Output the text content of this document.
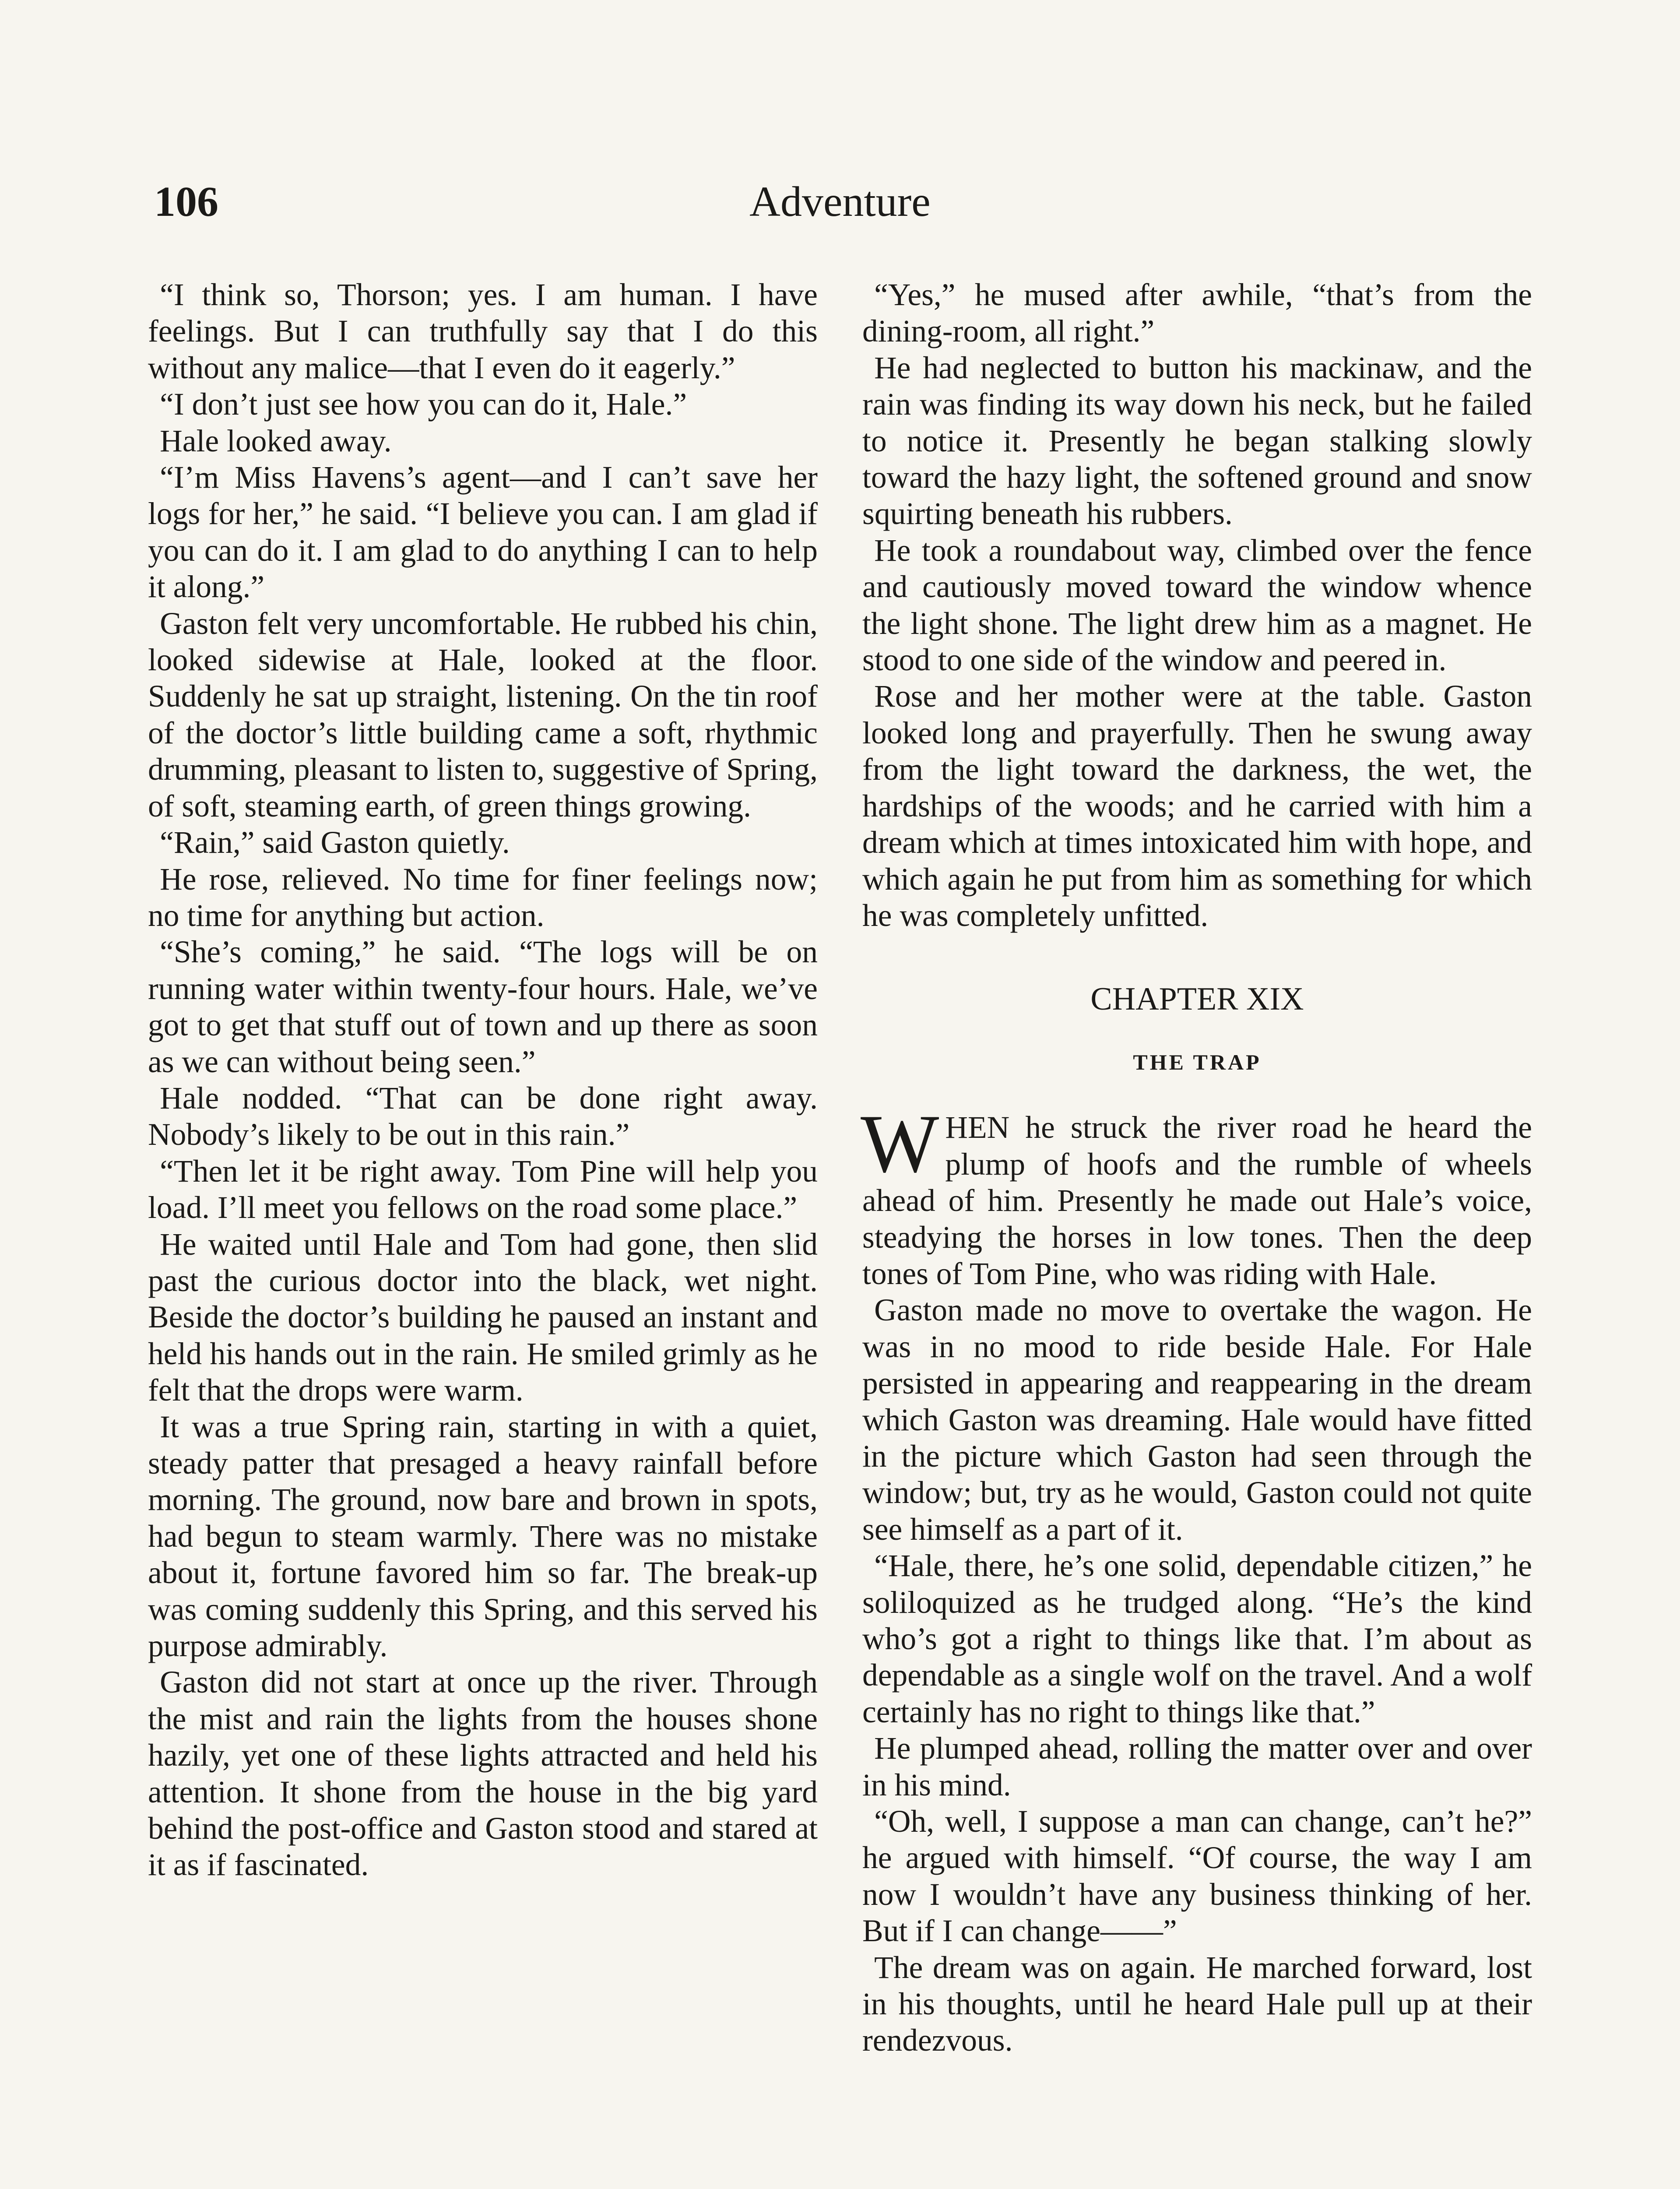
106	Adventure

“I think so, Thorson; yes. I am human. I have feelings. But I can truthfully say that I do this without any malice—that I even do it eagerly.”

“I don’t just see how you can do it, Hale.”

Hale looked away.

“I’m Miss Havens’s agent—and I can’t save her logs for her,” he said. “I believe you can. I am glad if you can do it. I am glad to do anything I can to help it along.”

Gaston felt very uncomfortable. He rubbed his chin, looked sidewise at Hale, looked at the floor. Suddenly he sat up straight, listening. On the tin roof of the doctor’s little building came a soft, rhythmic drumming, pleasant to listen to, suggestive of Spring, of soft, steaming earth, of green things growing.

“Rain,” said Gaston quietly.

He rose, relieved. No time for finer feelings now; no time for anything but action.

“She’s coming,” he said. “The logs will be on running water within twenty-four hours. Hale, we’ve got to get that stuff out of town and up there as soon as we can without being seen.”

Hale nodded. “That can be done right away. Nobody’s likely to be out in this rain.”

“Then let it be right away. Tom Pine will help you load. I’ll meet you fellows on the road some place.”

He waited until Hale and Tom had gone, then slid past the curious doctor into the black, wet night. Beside the doctor’s building he paused an instant and held his hands out in the rain. He smiled grimly as he felt that the drops were warm.

It was a true Spring rain, starting in with a quiet, steady patter that presaged a heavy rainfall before morning. The ground, now bare and brown in spots, had begun to steam warmly. There was no mistake about it, fortune favored him so far. The break-up was coming suddenly this Spring, and this served his purpose admirably.

Gaston did not start at once up the river. Through the mist and rain the lights from the houses shone hazily, yet one of these lights attracted and held his attention. It shone from the house in the big yard behind the post-office and Gaston stood and stared at it as if fascinated.

“Yes,” he mused after awhile, “that’s from the dining-room, all right.”

He had neglected to button his mackinaw, and the rain was finding its way down his neck, but he failed to notice it. Presently he began stalking slowly toward the hazy light, the softened ground and snow squirting beneath his rubbers.

He took a roundabout way, climbed over the fence and cautiously moved toward the window whence the light shone. The light drew him as a magnet. He stood to one side of the window and peered in.

Rose and her mother were at the table. Gaston looked long and prayerfully. Then he swung away from the light toward the darkness, the wet, the hardships of the woods; and he carried with him a dream which at times intoxicated him with hope, and which again he put from him as something for which he was completely unfitted.

CHAPTER XIX
THE TRAP

WHEN he struck the river road he heard the plump of hoofs and the rumble of wheels ahead of him. Presently he made out Hale’s voice, steadying the horses in low tones. Then the deep tones of Tom Pine, who was riding with Hale.

Gaston made no move to overtake the wagon. He was in no mood to ride beside Hale. For Hale persisted in appearing and reappearing in the dream which Gaston was dreaming. Hale would have fitted in the picture which Gaston had seen through the window; but, try as he would, Gaston could not quite see himself as a part of it.

“Hale, there, he’s one solid, dependable citizen,” he soliloquized as he trudged along. “He’s the kind who’s got a right to things like that. I’m about as dependable as a single wolf on the travel. And a wolf certainly has no right to things like that.”

He plumped ahead, rolling the matter over and over in his mind.

“Oh, well, I suppose a man can change, can’t he?” he argued with himself. “Of course, the way I am now I wouldn’t have any business thinking of her. But if I can change——”

The dream was on again. He marched forward, lost in his thoughts, until he heard Hale pull up at their rendezvous.
